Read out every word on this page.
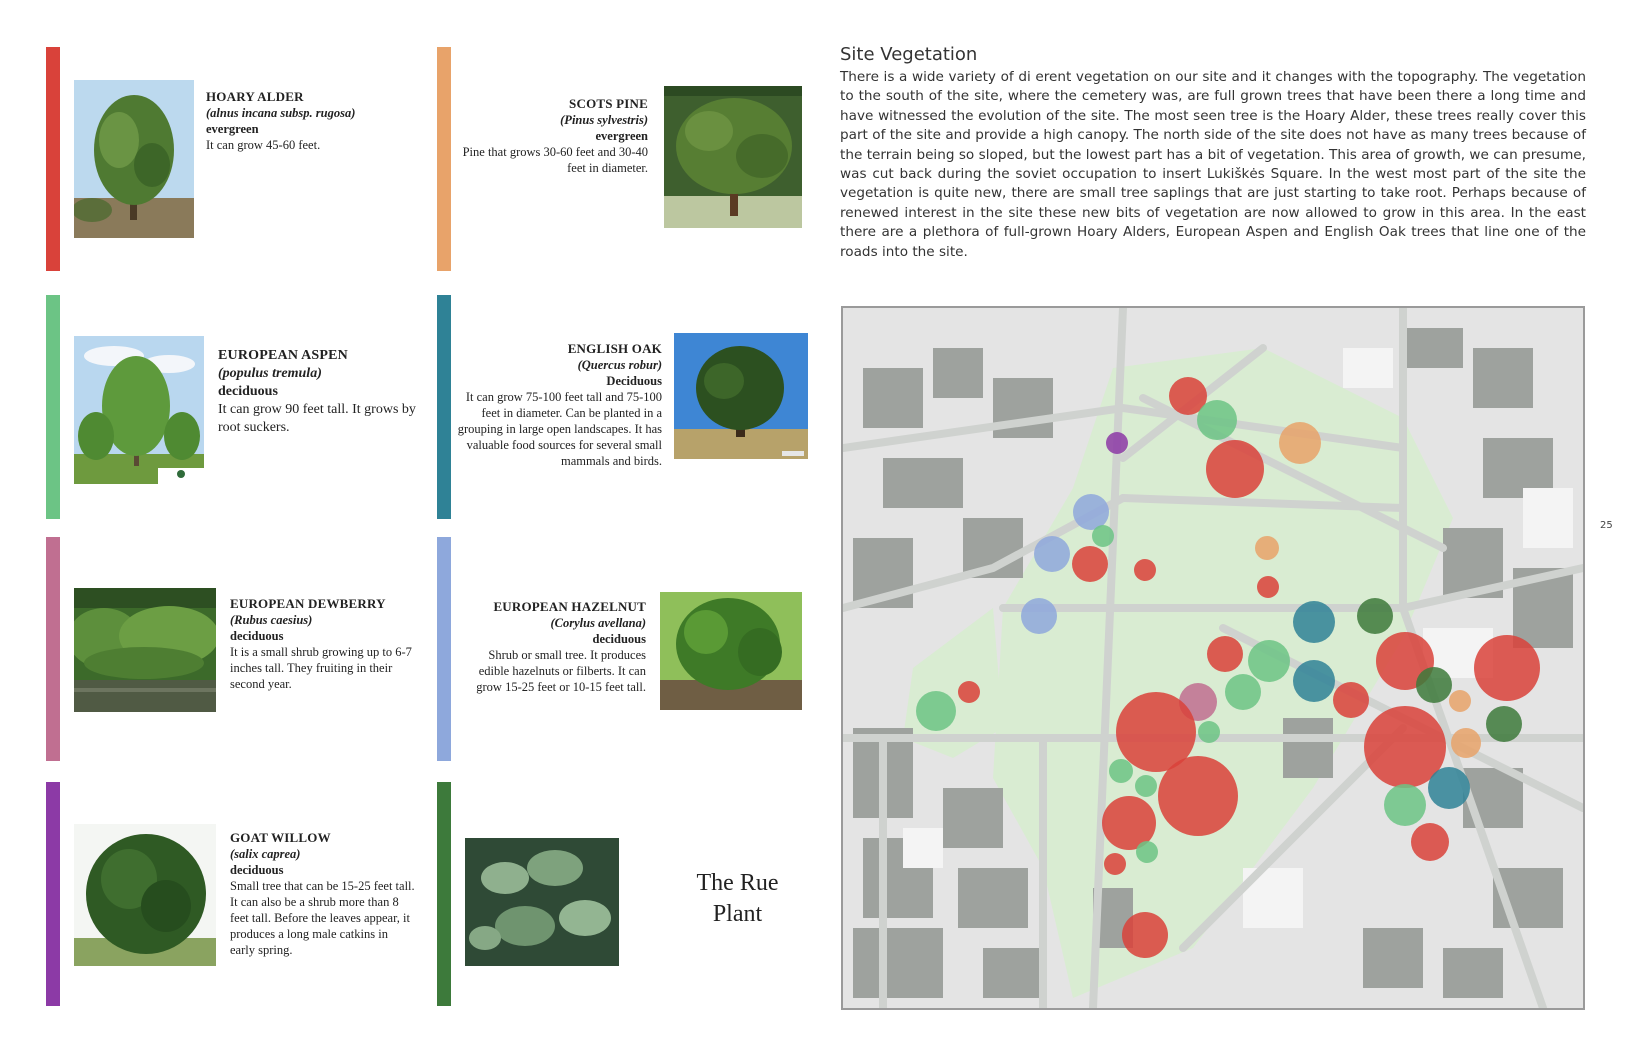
HOARY ALDER
(alnus incana subsp. rugosa)
evergreen
It can grow 45-60 feet.
EUROPEAN ASPEN
(populus tremula)
deciduous
It can grow 90 feet tall. It grows by root suckers.
EUROPEAN DEWBERRY
(Rubus caesius)
deciduous
It is a small shrub growing up to 6-7 inches tall. They fruiting in their second year.
GOAT WILLOW
(salix caprea)
deciduous
Small tree that can be 15-25 feet tall. It can also be a shrub more than 8 feet tall. Before the leaves appear, it produces a long male catkins in early spring.
SCOTS PINE
(Pinus sylvestris)
evergreen
Pine that grows 30-60 feet and 30-40 feet in diameter.
ENGLISH OAK
(Quercus robur)
Deciduous
It can grow 75-100 feet tall and 75-100 feet in diameter. Can be planted in a grouping in large open landscapes. It has valuable food sources for several small mammals and birds.
EUROPEAN HAZELNUT
(Corylus avellana)
deciduous
Shrub or small tree. It produces edible hazelnuts or filberts. It can grow 15-25 feet or 10-15 feet tall.
The Rue Plant
Site Vegetation
There is a wide variety of di erent vegetation on our site and it changes with the topography. The vegetation to the south of the site, where the cemetery was, are full grown trees that have been there a long time and have witnessed the evolution of the site. The most seen tree is the Hoary Alder, these trees really cover this part of the site and provide a high canopy. The north side of the site does not have as many trees because of the terrain being so sloped, but the lowest part has a bit of vegetation. This area of growth, we can presume, was cut back during the soviet occupation to insert Lukiškės Square. In the west most part of the site the vegetation is quite new, there are small tree saplings that are just starting to take root. Perhaps because of renewed interest in the site these new bits of vegetation are now allowed to grow in this area. In the east there are a plethora of full-grown Hoary Alders, European Aspen and English Oak trees that line one of the roads into the site.
25
